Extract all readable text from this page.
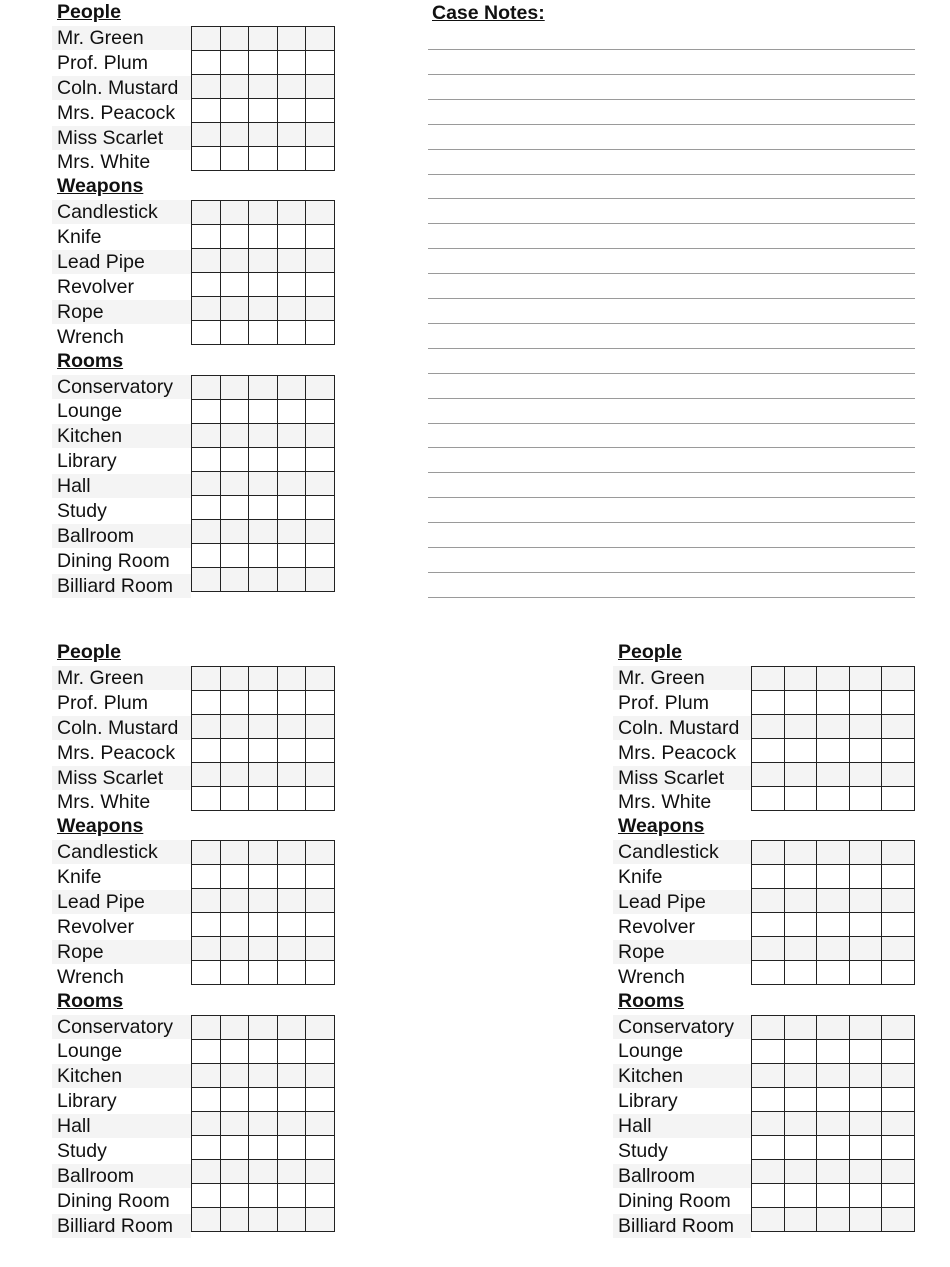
People
Mr. Green
Prof. Plum
Coln. Mustard
Mrs. Peacock
Miss Scarlet
Mrs. White

Weapons
Candlestick
Knife
Lead Pipe
Revolver
Rope
Wrench

Rooms
Conservatory
Lounge
Kitchen
Library
Hall
Study
Ballroom
Dining Room
Billiard Room

People
Mr. Green
Prof. Plum
Coln. Mustard
Mrs. Peacock
Miss Scarlet
Mrs. White

Weapons
Candlestick
Knife
Lead Pipe
Revolver
Rope
Wrench

Rooms
Conservatory
Lounge
Kitchen
Library
Hall
Study
Ballroom
Dining Room
Billiard Room

People
Mr. Green
Prof. Plum
Coln. Mustard
Mrs. Peacock
Miss Scarlet
Mrs. White

Weapons
Candlestick
Knife
Lead Pipe
Revolver
Rope
Wrench

Rooms
Conservatory
Lounge
Kitchen
Library
Hall
Study
Ballroom
Dining Room
Billiard Room

Case Notes:
